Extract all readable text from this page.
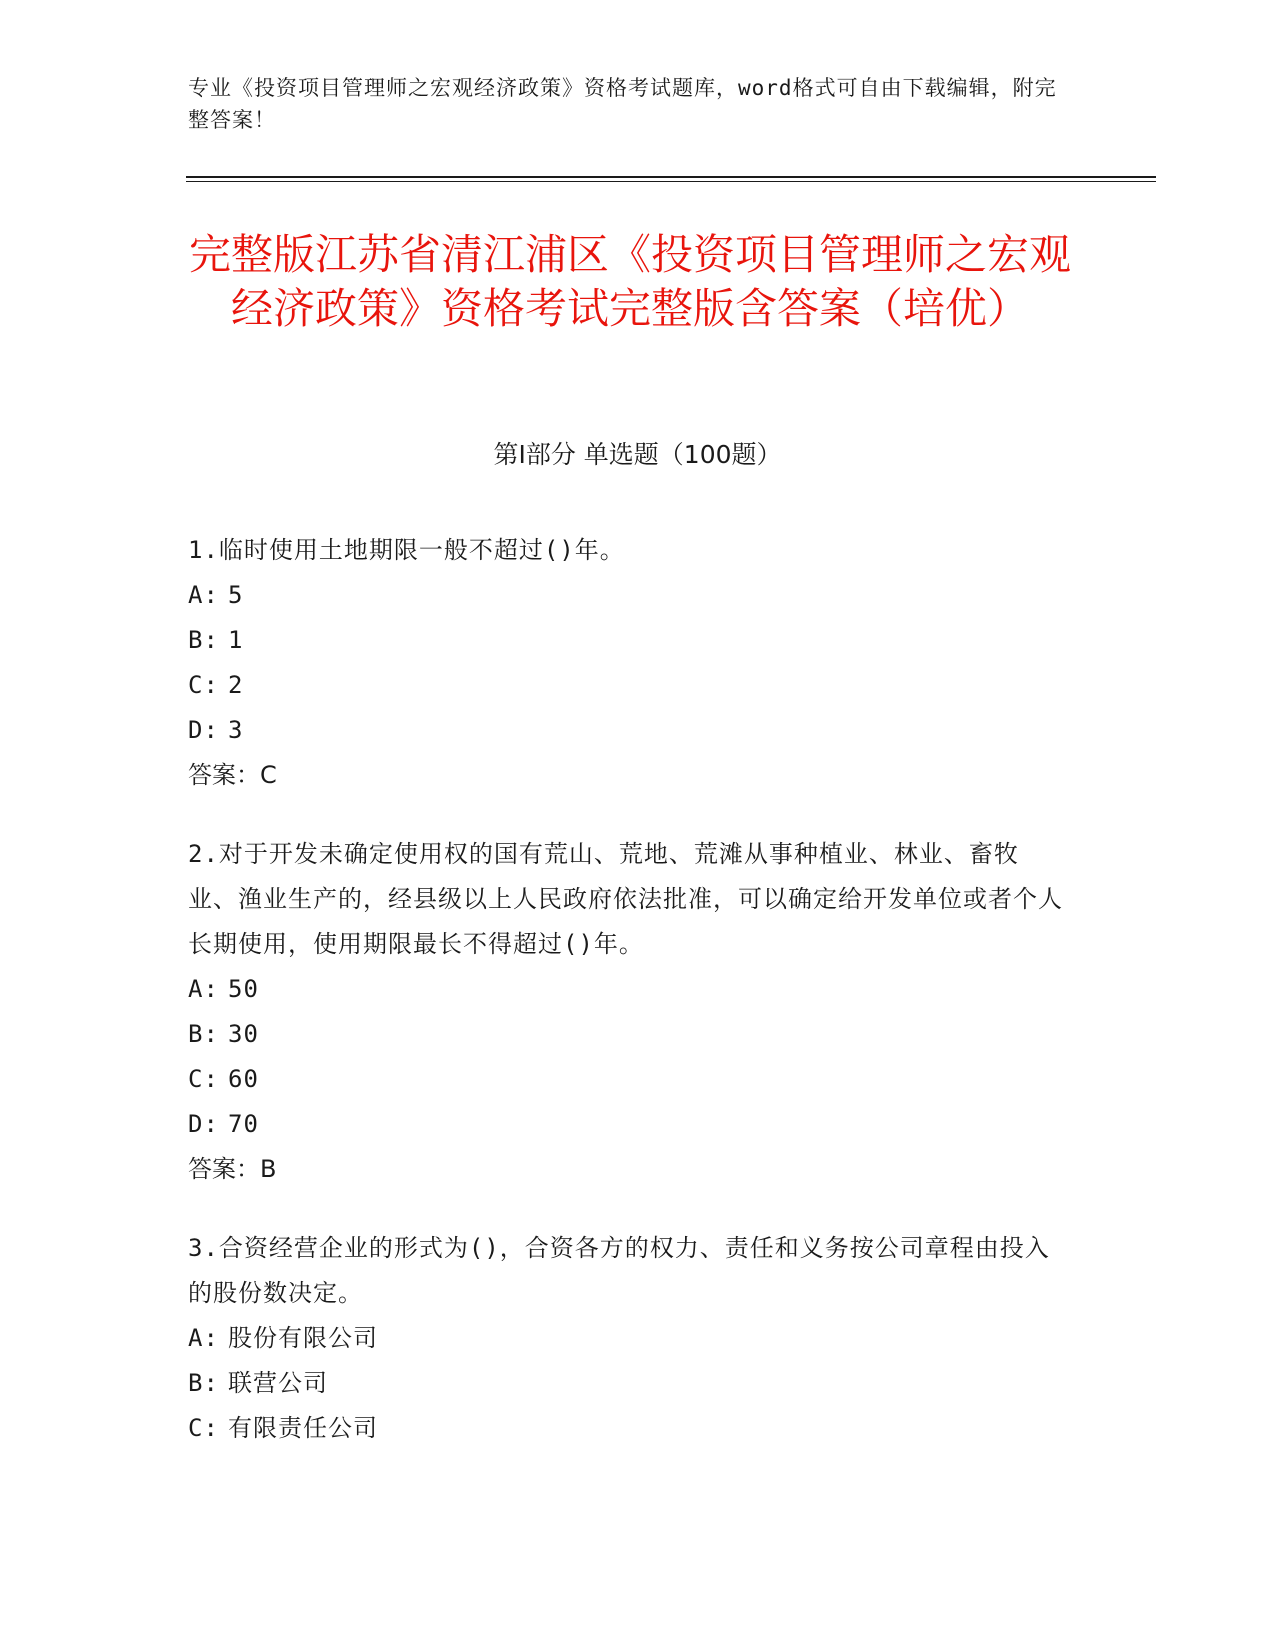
专业《投资项目管理师之宏观经济政策》资格考试题库，word格式可自由下载编辑，附完整答案！
完整版江苏省清江浦区《投资项目管理师之宏观经济政策》资格考试完整版含答案（培优）
第Ⅰ部分 单选题（100题）
1.临时使用土地期限一般不超过()年。
A: 5
B: 1
C: 2
D: 3
答案：C
2.对于开发未确定使用权的国有荒山、荒地、荒滩从事种植业、林业、畜牧业、渔业生产的，经县级以上人民政府依法批准，可以确定给开发单位或者个人长期使用，使用期限最长不得超过()年。
A: 50
B: 30
C: 60
D: 70
答案：B
3.合资经营企业的形式为()，合资各方的权力、责任和义务按公司章程由投入的股份数决定。
A: 股份有限公司
B: 联营公司
C: 有限责任公司
